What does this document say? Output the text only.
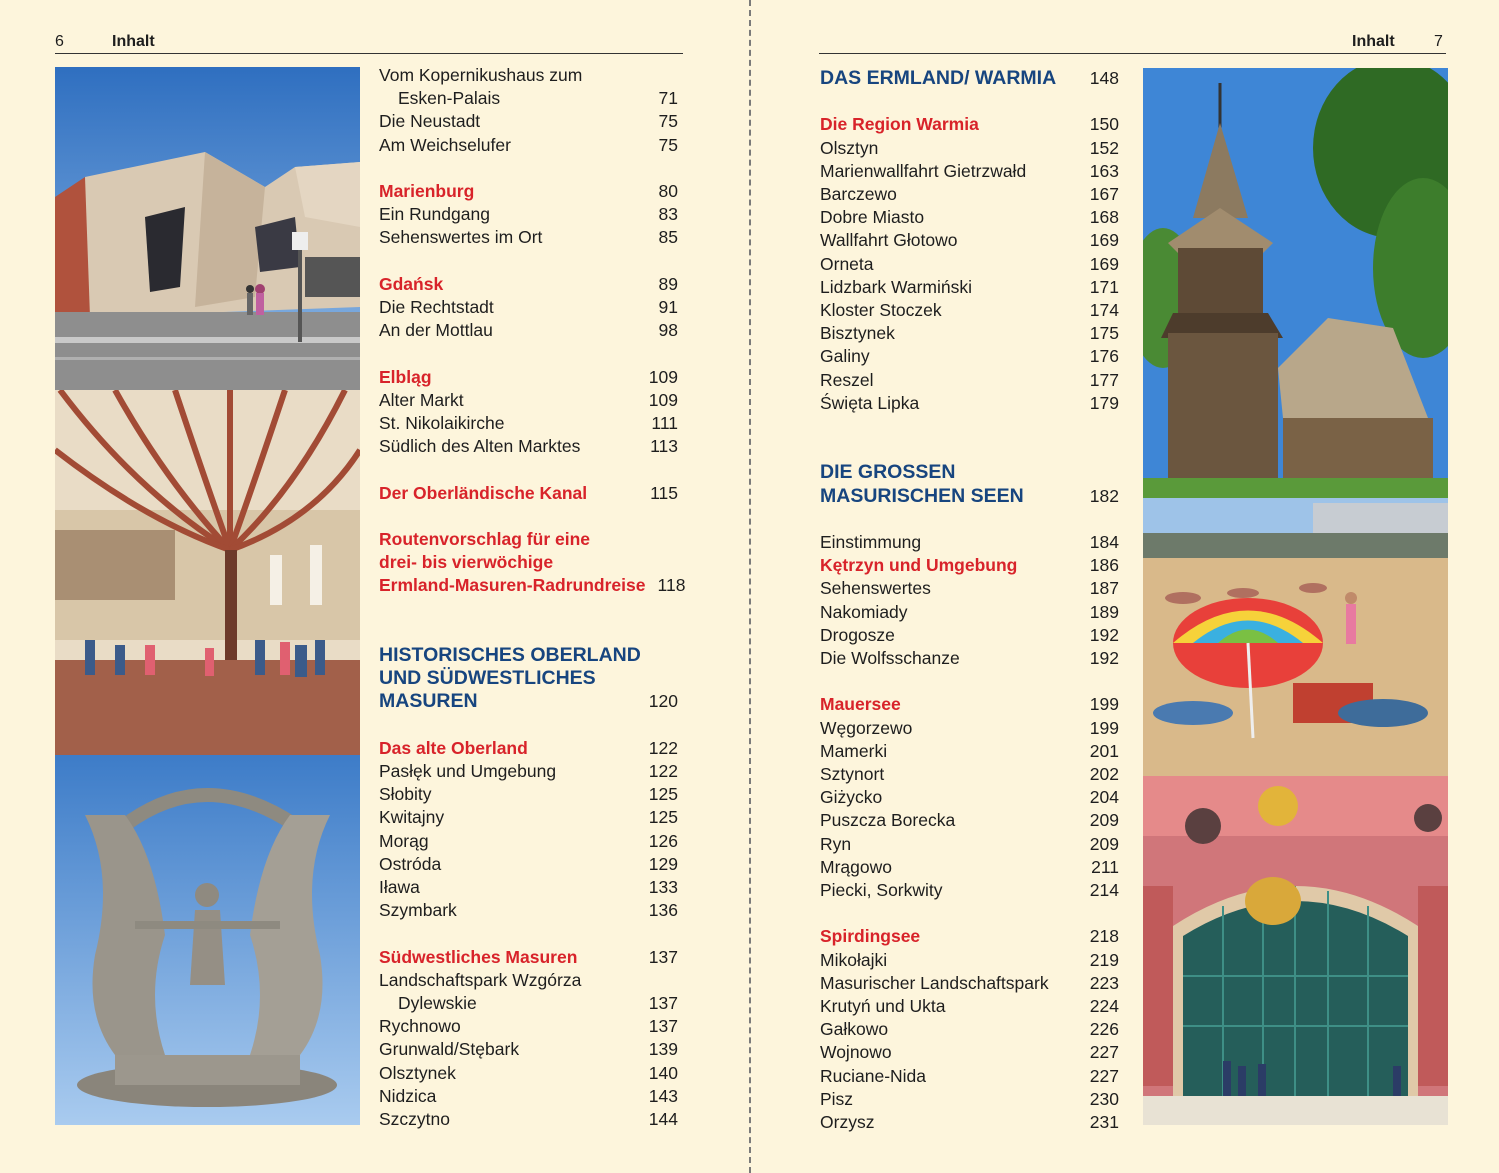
6	Inhalt	Inhalt 7
Vom Kopernikushaus zum
Esken-Palais	71
Die Neustadt	75
Am Weichselufer	75
Marienburg	80
Ein Rundgang	83
Sehenswertes im Ort	85
Gdańsk	89
Die Rechtstadt	91
An der Mottlau	98
Elbląg	109
Alter Markt	109
St. Nikolaikirche	111
Südlich des Alten Marktes	113
Der Oberländische Kanal	115
Routenvorschlag für eine
drei- bis vierwöchige
Ermland-Masuren-Radrundreise 118
HISTORISCHES OBERLAND
UND SÜDWESTLICHES
MASUREN	120
Das alte Oberland	122
Pasłęk und Umgebung	122
Słobity	125
Kwitajny	125
Morąg	126
Ostróda	129
Iława	133
Szymbark	136
Südwestliches Masuren	137
Landschaftspark Wzgórza
Dylewskie	137
Rychnowo	137
Grunwald/Stębark	139
Olsztynek	140
Nidzica	143
Szczytno	144
DAS ERMLAND/ WARMIA	148
Die Region Warmia	150
Olsztyn	152
Marienwallfahrt Gietrzwałd	163
Barczewo	167
Dobre Miasto	168
Wallfahrt Głotowo	169
Orneta	169
Lidzbark Warmiński	171
Kloster Stoczek	174
Bisztynek	175
Galiny	176
Reszel	177
Święta Lipka	179
DIE GROSSEN
MASURISCHEN SEEN	182
Einstimmung	184
Kętrzyn und Umgebung	186
Sehenswertes	187
Nakomiady	189
Drogosze	192
Die Wolfsschanze	192
Mauersee	199
Węgorzewo	199
Mamerki	201
Sztynort	202
Giżycko	204
Puszcza Borecka	209
Ryn	209
Mrągowo	211
Piecki, Sorkwity	214
Spirdingsee	218
Mikołajki	219
Masurischer Landschaftspark	223
Krutyń und Ukta	224
Gałkowo	226
Wojnowo	227
Ruciane-Nida	227
Pisz	230
Orzysz	231
